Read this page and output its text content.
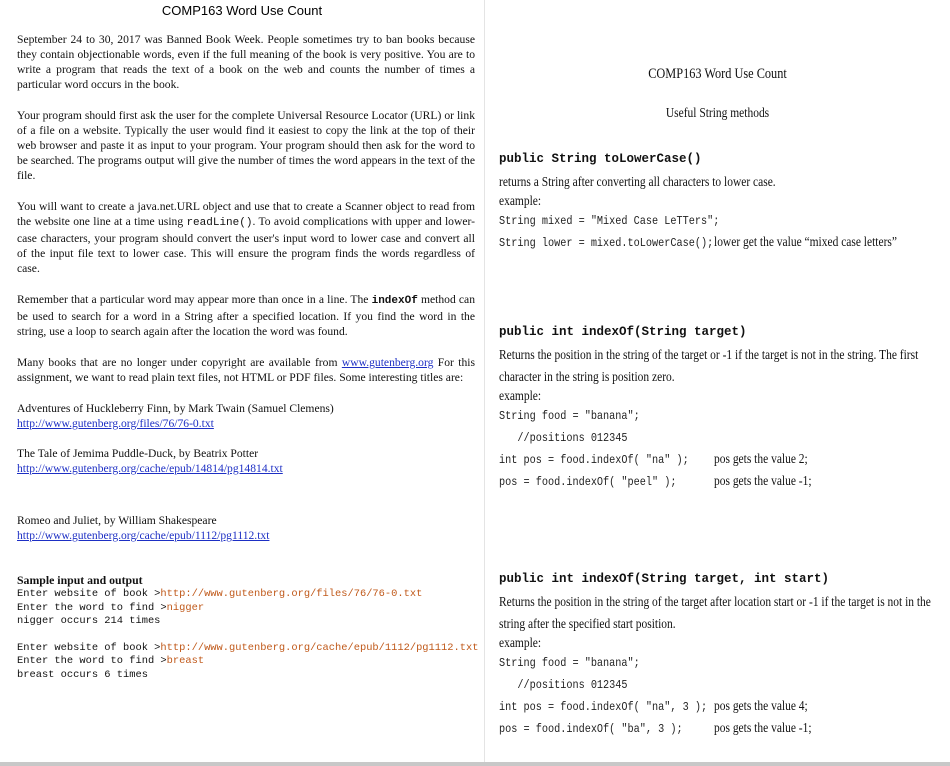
COMP163 Word Use Count

September 24 to 30, 2017 was Banned Book Week. People sometimes try to ban books because they contain objectionable words, even if the full meaning of the book is very positive. You are to write a program that reads the text of a book on the web and counts the number of times a particular word occurs in the book.

Your program should first ask the user for the complete Universal Resource Locator (URL) or link of a file on a website. Typically the user would find it easiest to copy the link at the top of their web browser and paste it as input to your program. Your program should then ask for the word to be searched. The programs output will give the number of times the word appears in the text of the file.

You will want to create a java.net.URL object and use that to create a Scanner object to read from the website one line at a time using readLine(). To avoid complications with upper and lower-case characters, your program should convert the user's input word to lower case and convert all of the input file text to lower case. This will ensure the program finds the words regardless of case.

Remember that a particular word may appear more than once in a line. The indexOf method can be used to search for a word in a String after a specified location. If you find the word in the string, use a loop to search again after the location the word was found.

Many books that are no longer under copyright are available from www.gutenberg.org For this assignment, we want to read plain text files, not HTML or PDF files. Some interesting titles are:

Adventures of Huckleberry Finn, by Mark Twain (Samuel Clemens)
http://www.gutenberg.org/files/76/76-0.txt
The Tale of Jemima Puddle-Duck, by Beatrix Potter
http://www.gutenberg.org/cache/epub/14814/pg14814.txt
Romeo and Juliet, by William Shakespeare
http://www.gutenberg.org/cache/epub/1112/pg1112.txt
Sample input and output
Enter website of book >http://www.gutenberg.org/files/76/76-0.txt
Enter the word to find >nigger
nigger occurs 214 times
Enter website of book >http://www.gutenberg.org/cache/epub/1112/pg1112.txt
Enter the word to find >breast
breast occurs 6 times
COMP163 Word Use Count
Useful String methods
public String toLowerCase()
returns a String after converting all characters to lower case.
example:
String mixed = "Mixed Case LeTTers";
String lower = mixed.toLowerCase(); lower get the value “mixed case letters”
public int indexOf(String target)
Returns the position in the string of the target or -1 if the target is not in the string. The first character in the string is position zero.
example:
String food = "banana";
//positions 012345
int pos = food.indexOf( "na" ); pos gets the value 2;
pos = food.indexOf( "peel" );	pos gets the value -1;
public int indexOf(String target, int start)
Returns the position in the string of the target after location start or -1 if the target is not in the string after the specified start position.
example:
String food = "banana";
//positions 012345
int pos = food.indexOf( "na", 3 ); pos gets the value 4;
pos = food.indexOf( "ba", 3 ); pos gets the value -1;
